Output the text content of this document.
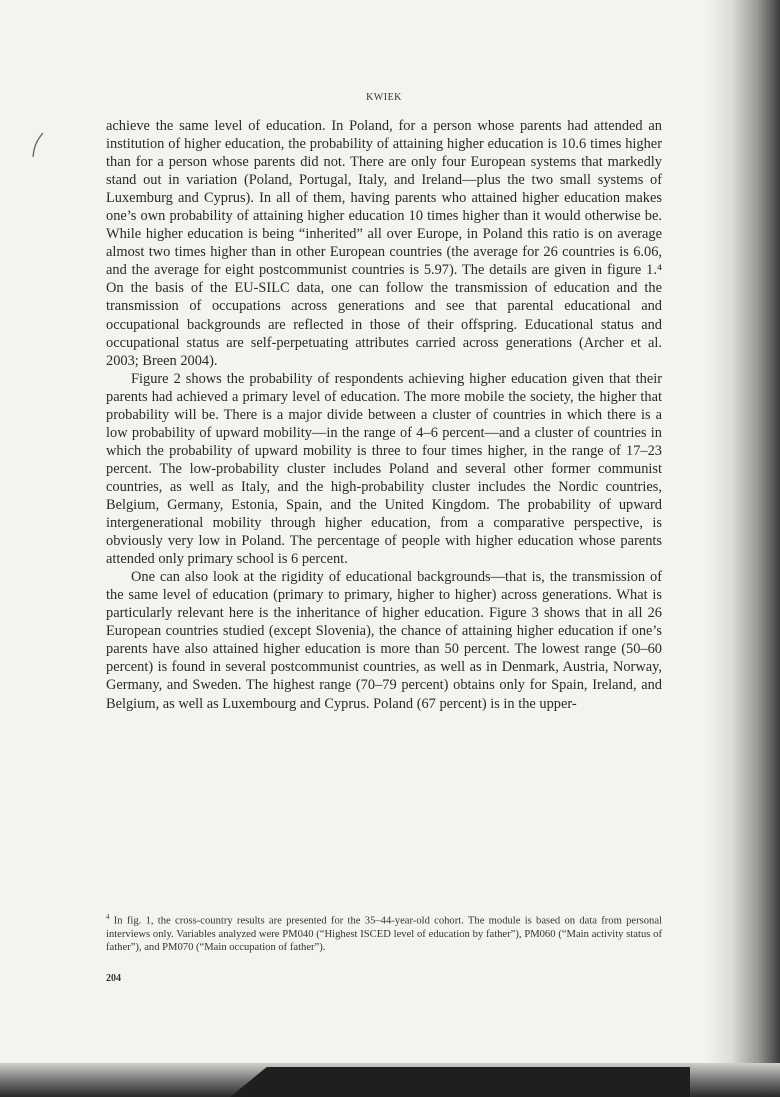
KWIEK

achieve the same level of education. In Poland, for a person whose parents had attended an institution of higher education, the probability of attaining higher education is 10.6 times higher than for a person whose parents did not. There are only four European systems that markedly stand out in variation (Poland, Portugal, Italy, and Ireland—plus the two small systems of Luxemburg and Cyprus). In all of them, having parents who attained higher education makes one’s own probability of attaining higher education 10 times higher than it would otherwise be. While higher education is being “inherited” all over Europe, in Poland this ratio is on average almost two times higher than in other European countries (the average for 26 countries is 6.06, and the average for eight postcommunist countries is 5.97). The details are given in figure 1.⁴ On the basis of the EU-SILC data, one can follow the transmission of education and the transmission of occupations across generations and see that parental educational and occupational backgrounds are reflected in those of their offspring. Educational status and occupational status are self-perpetuating attributes carried across generations (Archer et al. 2003; Breen 2004).

Figure 2 shows the probability of respondents achieving higher education given that their parents had achieved a primary level of education. The more mobile the society, the higher that probability will be. There is a major divide between a cluster of countries in which there is a low probability of upward mobility—in the range of 4–6 percent—and a cluster of countries in which the probability of upward mobility is three to four times higher, in the range of 17–23 percent. The low-probability cluster includes Poland and several other former communist countries, as well as Italy, and the high-probability cluster includes the Nordic countries, Belgium, Germany, Estonia, Spain, and the United Kingdom. The probability of upward intergenerational mobility through higher education, from a comparative perspective, is obviously very low in Poland. The percentage of people with higher education whose parents attended only primary school is 6 percent.

One can also look at the rigidity of educational backgrounds—that is, the transmission of the same level of education (primary to primary, higher to higher) across generations. What is particularly relevant here is the inheritance of higher education. Figure 3 shows that in all 26 European countries studied (except Slovenia), the chance of attaining higher education if one’s parents have also attained higher education is more than 50 percent. The lowest range (50–60 percent) is found in several postcommunist countries, as well as in Denmark, Austria, Norway, Germany, and Sweden. The highest range (70–79 percent) obtains only for Spain, Ireland, and Belgium, as well as Luxembourg and Cyprus. Poland (67 percent) is in the upper-

$^4$ In fig. 1, the cross-country results are presented for the 35–44-year-old cohort. The module is based on data from personal interviews only. Variables analyzed were PM040 (“Highest ISCED level of education by father”), PM060 (“Main activity status of father”), and PM070 (“Main occupation of father”).
204
